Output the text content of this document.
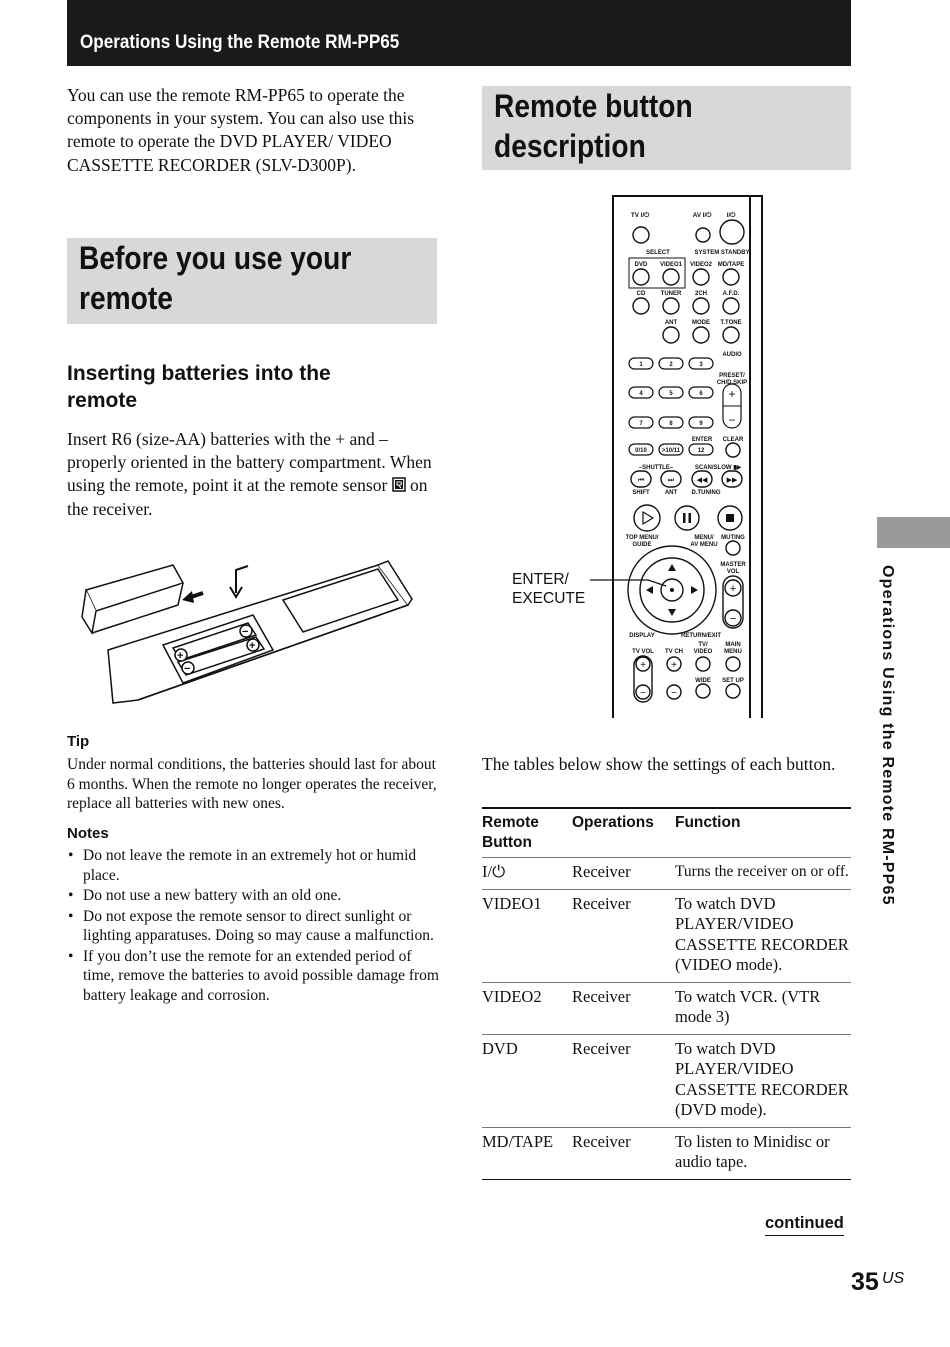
Operations Using the Remote RM-PP65
You can use the remote RM-PP65 to operate the components in your system. You can also use this remote to operate the DVD PLAYER/ VIDEO CASSETTE RECORDER (SLV-D300P).
Before you use your
remote
Remote button
description
Inserting batteries into the
remote
Insert R6 (size-AA) batteries with the + and – properly oriented in the battery compartment. When using the remote, point it at the remote sensor on the receiver.
+
−
−
+
Tip
Under normal conditions, the batteries should last for about 6 months. When the remote no longer operates the receiver, replace all batteries with new ones.
Notes
• Do not leave the remote in an extremely hot or humid place.
• Do not use a new battery with an old one.
• Do not expose the remote sensor to direct sunlight or lighting apparatuses. Doing so may cause a malfunction.
• If you don’t use the remote for an extended period of time, remove the batteries to avoid possible damage from battery leakage and corrosion.
TV I/⏻	AV I/⏻ I/⏻
SELECT	SYSTEM STANDBY
DVD VIDEO1 VIDEO2 MD/TAPE
CD	TUNER 2CH	A.F.D.
ANT MODE T.TONE
AUDIO
1	2	3
4	5	6
7	8	9
0/10	>10/11	12
PRESET/
CH/D.SKIP
ENTER CLEAR
+
−
–SHUTTLE–	SCAN/SLOW ▮▶
⏮	⏭	◀◀	▶▶
SHIFT	ANT D.TUNING
TOP MENU/
GUIDE
MENU/
AV MENU
MUTING
MASTER
VOL
+
−
DISPLAY	RETURN/EXIT
TV/
VIDEO
MAIN
MENU
TV VOL TV CH
WIDE SET UP
+
−
+
−
ENTER/
EXECUTE	Operations Using the Remote RM-PP65
The tables below show the settings of each button.
Remote Button	Operations	Function
I/⏻	Receiver	Turns the receiver on or off.
VIDEO1	Receiver	To watch DVD PLAYER/VIDEO CASSETTE RECORDER (VIDEO mode).
VIDEO2	Receiver	To watch VCR. (VTR mode 3)
DVD	Receiver	To watch DVD PLAYER/VIDEO CASSETTE RECORDER (DVD mode).
MD/TAPE	Receiver	To listen to Minidisc or audio tape.
continued
35 US
